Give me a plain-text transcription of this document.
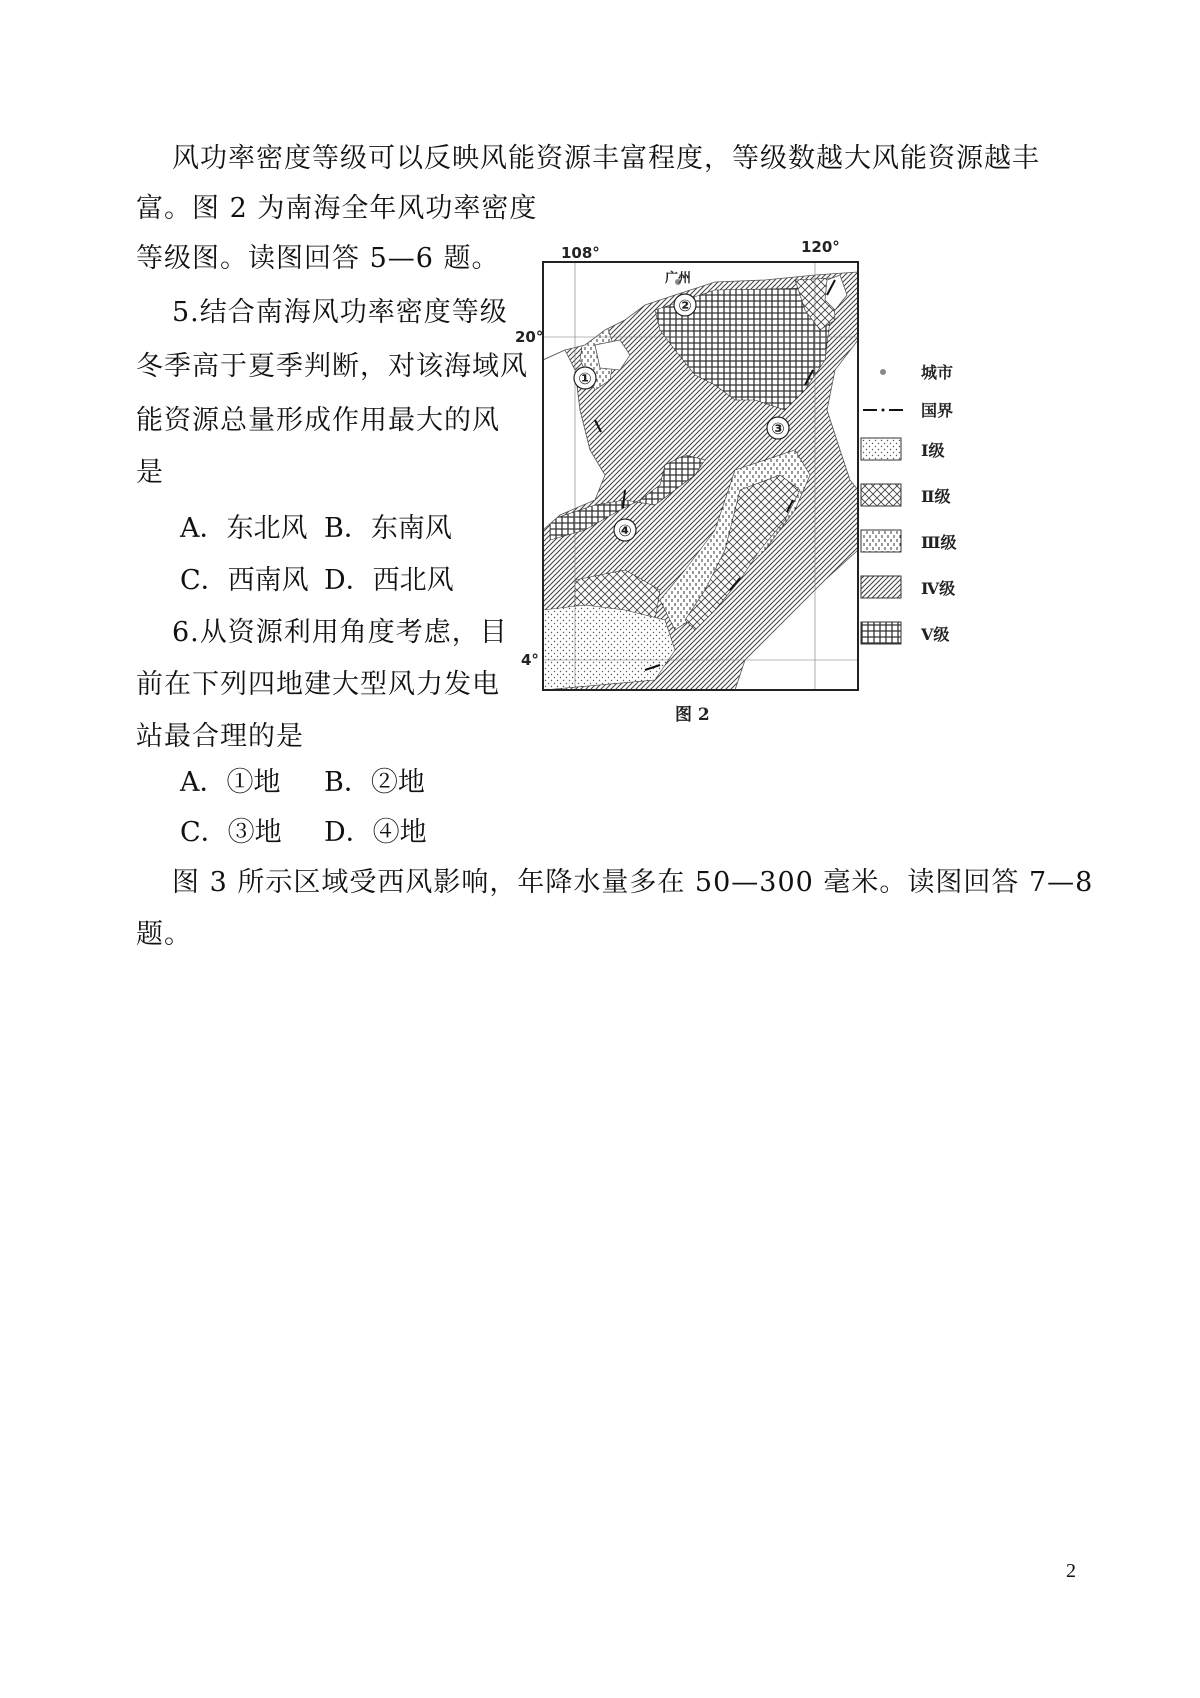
风功率密度等级可以反映风能资源丰富程度，等级数越大风能资源越丰
富。图 2 为南海全年风功率密度
等级图。读图回答 5—6 题。
5.结合南海风功率密度等级
冬季高于夏季判断，对该海域风
能资源总量形成作用最大的风
是
A．东北风 B．东南风
C．西南风 D．西北风
6.从资源利用角度考虑，目
前在下列四地建大型风力发电
站最合理的是
A．①地 B．②地
C．③地 D．④地
图 3 所示区域受西风影响，年降水量多在 50—300 毫米。读图回答 7—8
题。
108°	120°
20°
4°
广州
①
②
③
④
城市
国界
Ⅰ级
Ⅱ级
Ⅲ级
Ⅳ级
Ⅴ级
图 2
2
